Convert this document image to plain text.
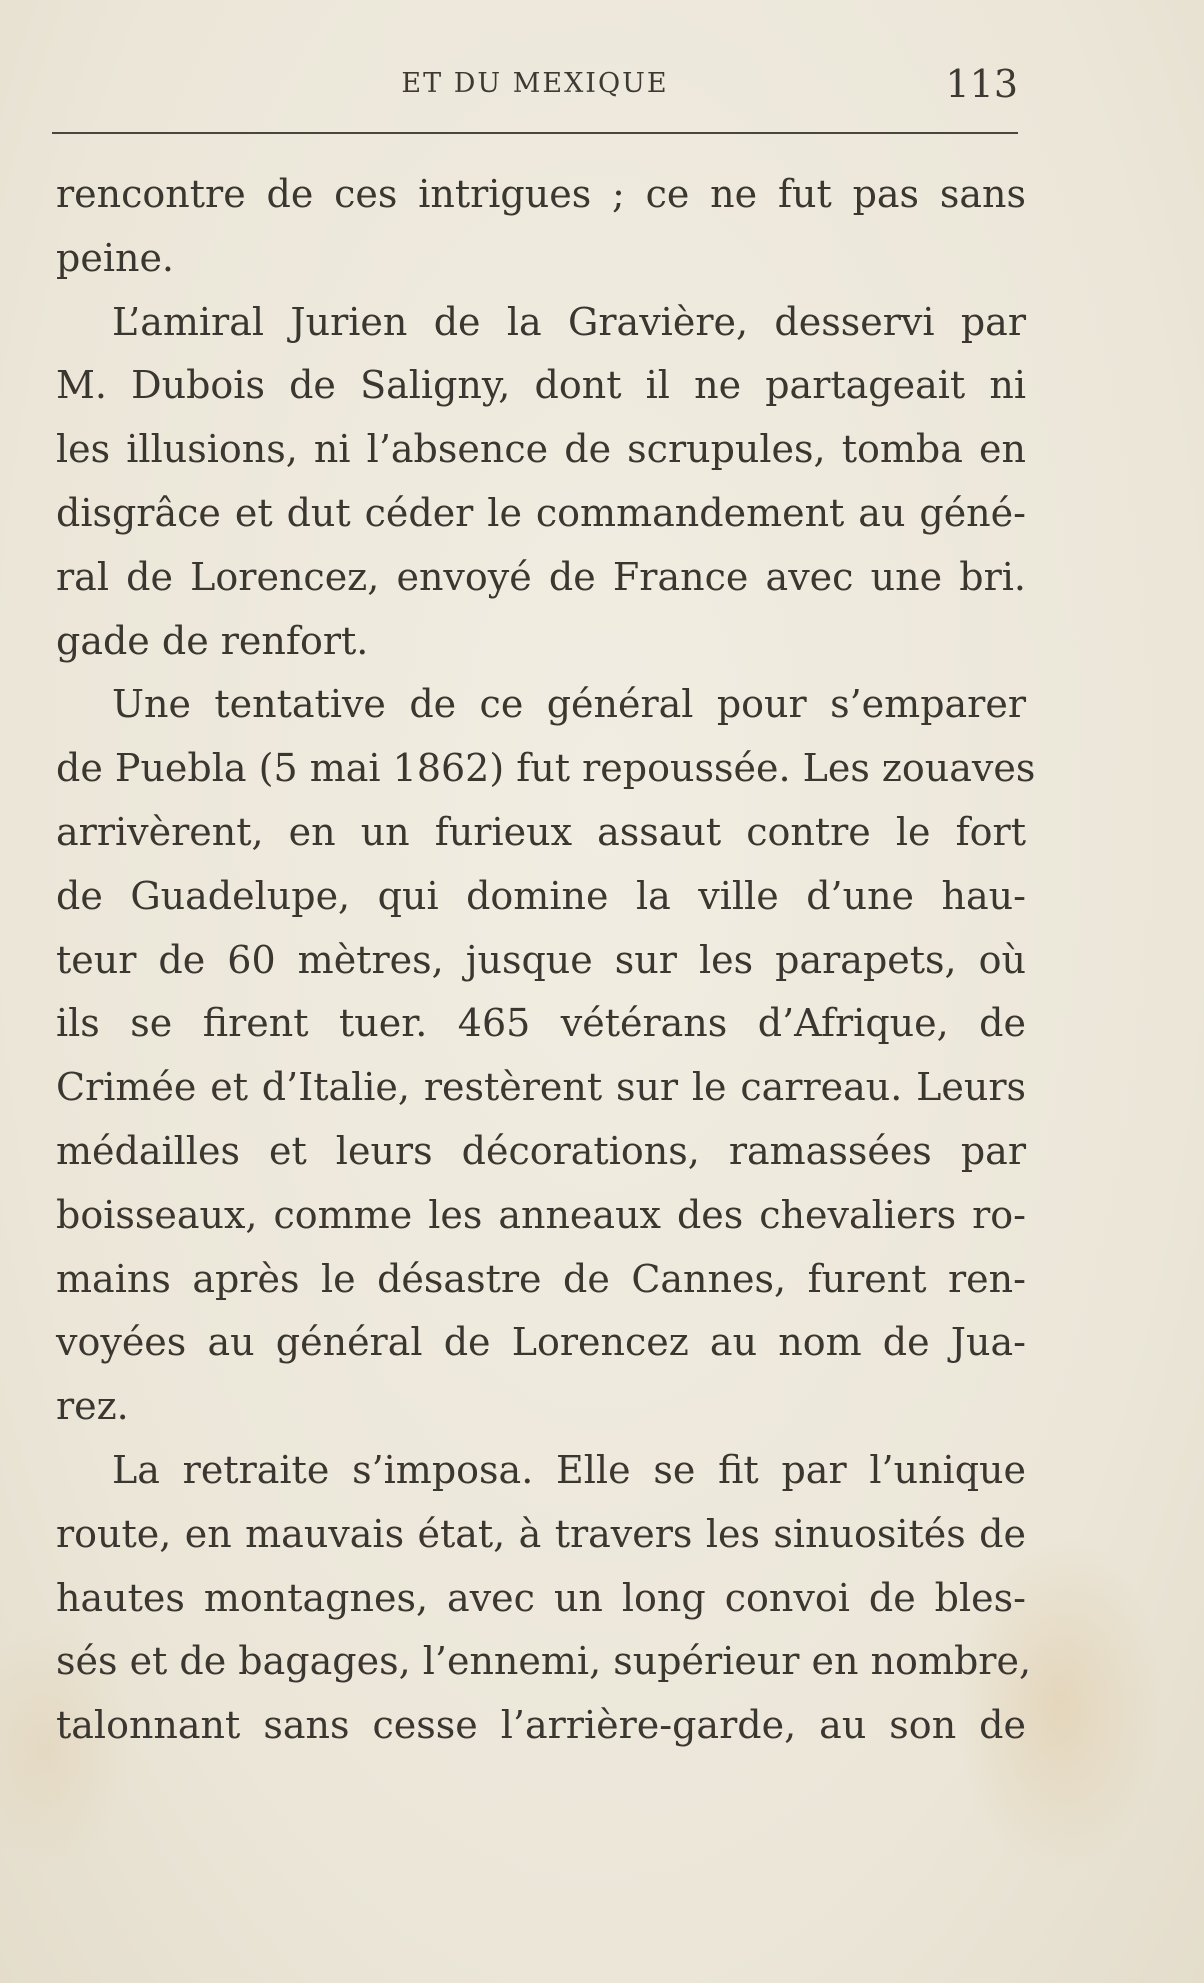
ET DU MEXIQUE	113
rencontre de ces intrigues ; ce ne fut pas sans
peine.
L’amiral Jurien de la Gravière, desservi par
M. Dubois de Saligny, dont il ne partageait ni
les illusions, ni l’absence de scrupules, tomba en
disgrâce et dut céder le commandement au géné-
ral de Lorencez, envoyé de France avec une bri.
gade de renfort.
Une tentative de ce général pour s’emparer
de Puebla (5 mai 1862) fut repoussée. Les zouaves
arrivèrent, en un furieux assaut contre le fort
de Guadelupe, qui domine la ville d’une hau-
teur de 60 mètres, jusque sur les parapets, où
ils se firent tuer. 465 vétérans d’Afrique, de
Crimée et d’Italie, restèrent sur le carreau. Leurs
médailles et leurs décorations, ramassées par
boisseaux, comme les anneaux des chevaliers ro-
mains après le désastre de Cannes, furent ren-
voyées au général de Lorencez au nom de Jua-
rez.
La retraite s’imposa. Elle se fit par l’unique
route, en mauvais état, à travers les sinuosités de
hautes montagnes, avec un long convoi de bles-
sés et de bagages, l’ennemi, supérieur en nombre,
talonnant sans cesse l’arrière-garde, au son de
